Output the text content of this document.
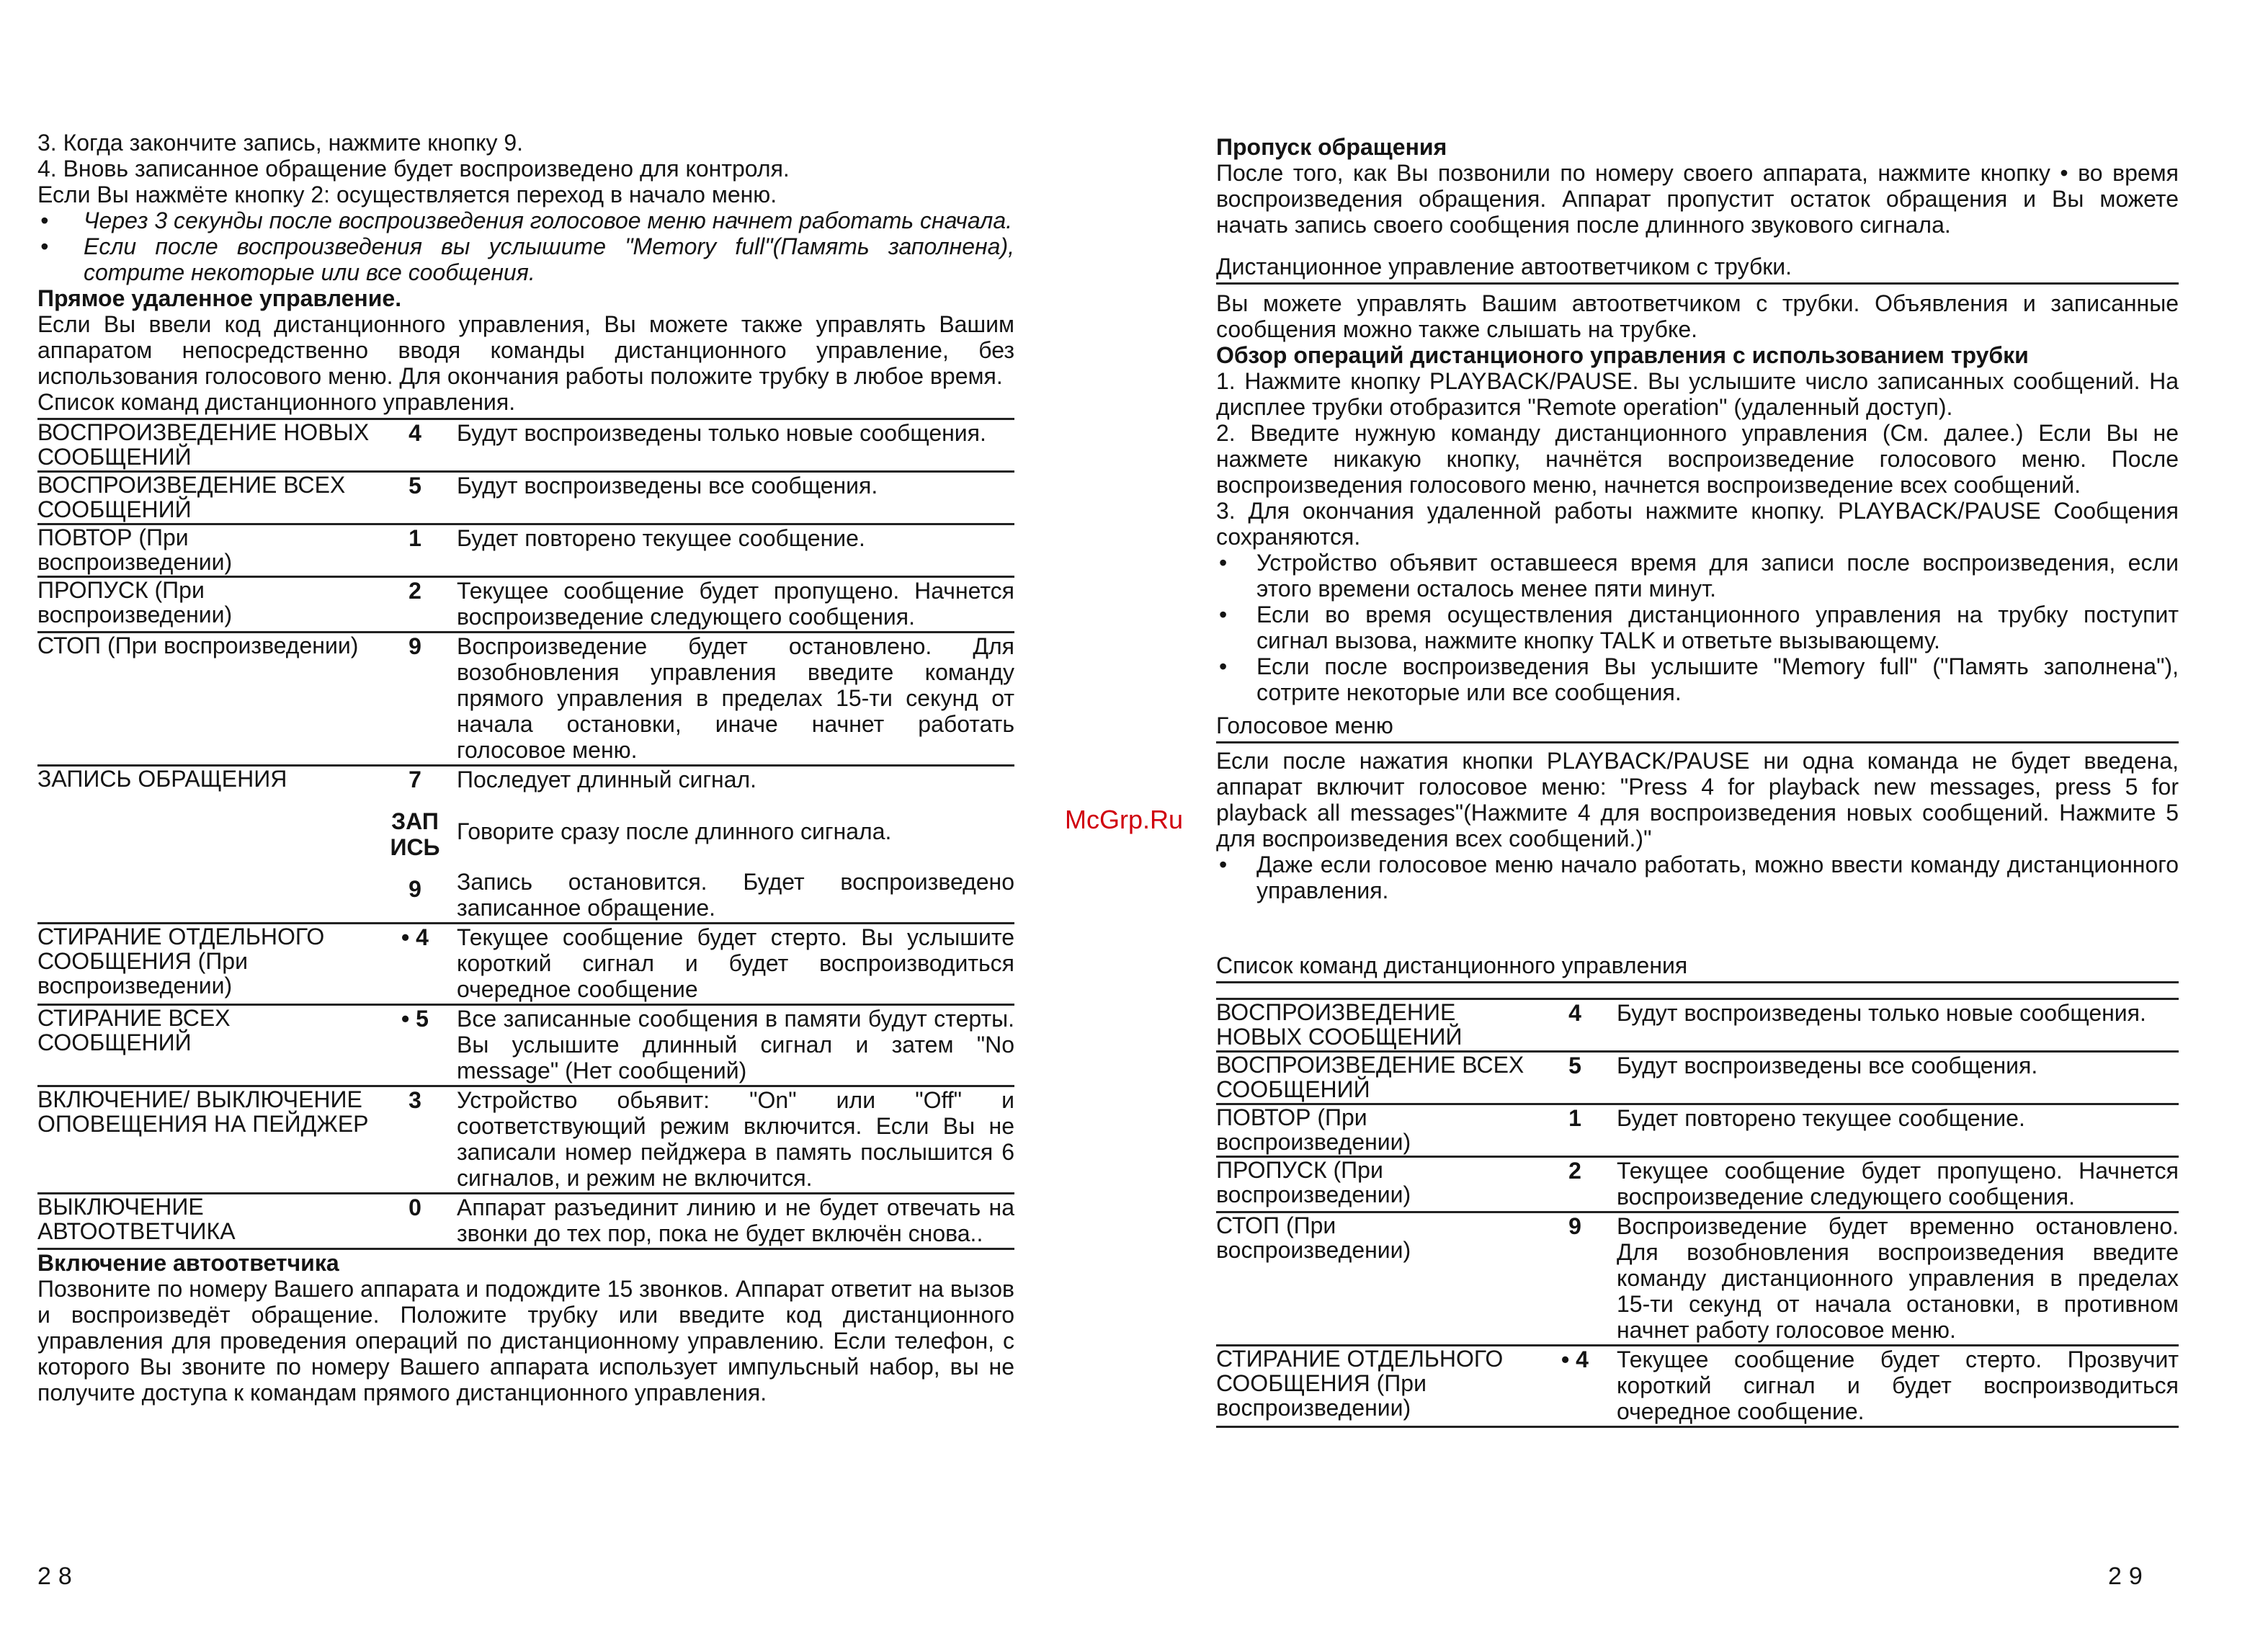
3. Когда закончите запись, нажмите кнопку 9.

4. Вновь записанное обращение будет воспроизведено для контроля.

Если Вы нажмёте кнопку 2: осуществляется переход в начало меню.

• Через 3 секунды после воспроизведения голосовое меню начнет работать сначала.
• Если после воспроизведения вы услышите "Memory full"(Память заполнена), сотрите некоторые или все сообщения.

Прямое удаленное управление.

Если Вы ввели код дистанционного управления, Вы можете также управлять Вашим аппаратом непосредственно вводя команды дистанционного управление, без использования голосового меню. Для окончания работы положите трубку в любое время.

Список команд дистанционного управления.

ВОСПРОИЗВЕДЕНИЕ НОВЫХ СООБЩЕНИЙ	4	Будут воспроизведены только новые сообщения.
ВОСПРОИЗВЕДЕНИЕ ВСЕХ СООБЩЕНИЙ	5	Будут воспроизведены все сообщения.
ПОВТОР (При воспроизведении)	1	Будет повторено текущее сообщение.
ПРОПУСК (При воспроизведении)	2	Текущее сообщение будет пропущено. Начнется воспроизведение следующего сообщения.
СТОП (При воспроизведении)	9	Воспроизведение будет остановлено. Для возобновления управления введите команду прямого управления в пределах 15-ти секунд от начала остановки, иначе начнет работать голосовое меню.
ЗАПИСЬ ОБРАЩЕНИЯ	7	Последует длинный сигнал.
	ЗАП ИСЬ	Говорите сразу после длинного сигнала.
	9	Запись остановится. Будет воспроизведено записанное обращение.
СТИРАНИЕ ОТДЕЛЬНОГО СООБЩЕНИЯ (При воспроизведении)	• 4	Текущее сообщение будет стерто. Вы услышите короткий сигнал и будет воспроизводиться очередное сообщение
СТИРАНИЕ ВСЕХ СООБЩЕНИЙ	• 5	Все записанные сообщения в памяти будут стерты. Вы услышите длинный сигнал и затем "No message" (Нет сообщений)
ВКЛЮЧЕНИЕ/ ВЫКЛЮЧЕНИЕ ОПОВЕЩЕНИЯ НА ПЕЙДЖЕР	3	Устройство обьявит: "On" или "Off" и соответствующий режим включится. Если Вы не записали номер пейджера в память послышится 6 сигналов, и режим не включится.
ВЫКЛЮЧЕНИЕ АВТООТВЕТЧИКА	0	Аппарат разъединит линию и не будет отвечать на звонки до тех пор, пока не будет включён снова..

Включение автоответчика

Позвоните по номеру Вашего аппарата и подождите 15 звонков. Аппарат ответит на вызов и воспроизведёт обращение. Положите трубку или введите код дистанционного управления для проведения операций по дистанционному управлению. Если телефон, с которого Вы звоните по номеру Вашего аппарата использует импульсный набор, вы не получите доступа к командам прямого дистанционного управления.

28
McGrp.Ru

Пропуск обращения

После того, как Вы позвонили по номеру своего аппарата, нажмите кнопку • во время воспроизведения обращения. Аппарат пропустит остаток обращения и Вы можете начать запись своего сообщения после длинного звукового сигнала.

Дистанционное управление автоответчиком с трубки.

Вы можете управлять Вашим автоответчиком с трубки. Объявления и записанные сообщения можно также слышать на трубке.

Обзор операций дистанционого управления с использованием трубки

1. Нажмите кнопку PLAYBACK/PAUSE. Вы услышите число записанных сообщений. На дисплее трубки отобразится "Remote operation" (удаленный доступ).

2. Введите нужную команду дистанционного управления (См. далее.) Если Вы не нажмете никакую кнопку, начнётся воспроизведение голосового меню. После воспроизведения голосового меню, начнется воспроизведение всех сообщений.

3. Для окончания удаленной работы нажмите кнопку. PLAYBACK/PAUSE Сообщения сохраняются.

• Устройство объявит оставшееся время для записи после воспроизведения, если этого времени осталось менее пяти минут.
• Если во время осуществления дистанционного управления на трубку поступит сигнал вызова, нажмите кнопку TALK и ответьте вызывающему.
• Если после воспроизведения Вы услышите "Memory full" ("Память заполнена"), сотрите некоторые или все сообщения.

Голосовое меню

Если после нажатия кнопки PLAYBACK/PAUSE ни одна команда не будет введена, аппарат включит голосовое меню: "Press 4 for playback new messages, press 5 for playback all messages"(Нажмите 4 для воспроизведения новых сообщений. Нажмите 5 для воспроизведения всех сообщений.)"

• Даже если голосовое меню начало работать, можно ввести команду дистанционного управления.

Список команд дистанционного управления

ВОСПРОИЗВЕДЕНИЕ НОВЫХ СООБЩЕНИЙ	4	Будут воспроизведены только новые сообщения.
ВОСПРОИЗВЕДЕНИЕ ВСЕХ СООБЩЕНИЙ	5	Будут воспроизведены все сообщения.
ПОВТОР (При воспроизведении)	1	Будет повторено текущее сообщение.
ПРОПУСК (При воспроизведении)	2	Текущее сообщение будет пропущено. Начнется воспроизведение следующего сообщения.
СТОП (При воспроизведении)	9	Воспроизведение будет временно остановлено. Для возобновления воспроизведения введите команду дистанционного управления в пределах 15-ти секунд от начала остановки, в противном начнет работу голосовое меню.
СТИРАНИЕ ОТДЕЛЬНОГО СООБЩЕНИЯ (При воспроизведении)	• 4	Текущее сообщение будет стерто. Прозвучит короткий сигнал и будет воспроизводиться очередное сообщение.
29
